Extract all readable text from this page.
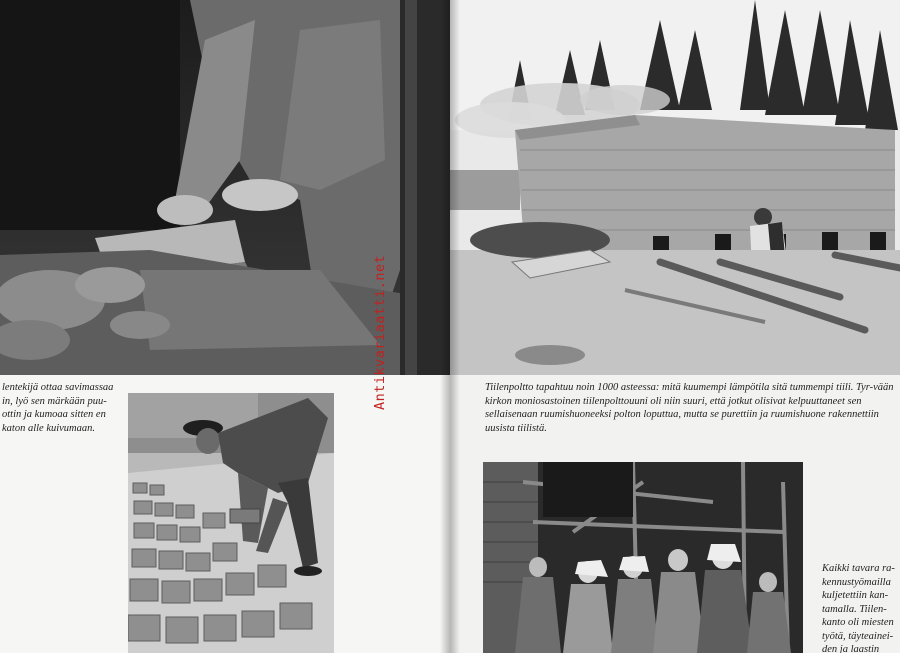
lentekijä ottaa savimassaa in, lyö sen märkään puu-ottin ja kumoaa sitten en katon alle kuivumaan.

Antikvariaatti.net	Tiilenpoltto tapahtuu noin 1000 asteessa: mitä kuumempi lämpötila sitä tummempi tiili. Tyr-vään kirkon moniosastoinen tiilenpolttouuni oli niin suuri, että jotkut olisivat kelpuuttaneet sen sellaisenaan ruumishuoneeksi polton loputtua, mutta se purettiin ja ruumishuone rakennettiin uusista tiilistä.

Kaikki tavara ra-kennustyömailla kuljetettiin kan-tamalla. Tiilen-kanto oli miesten työtä, täyteainei-den ja laastin
